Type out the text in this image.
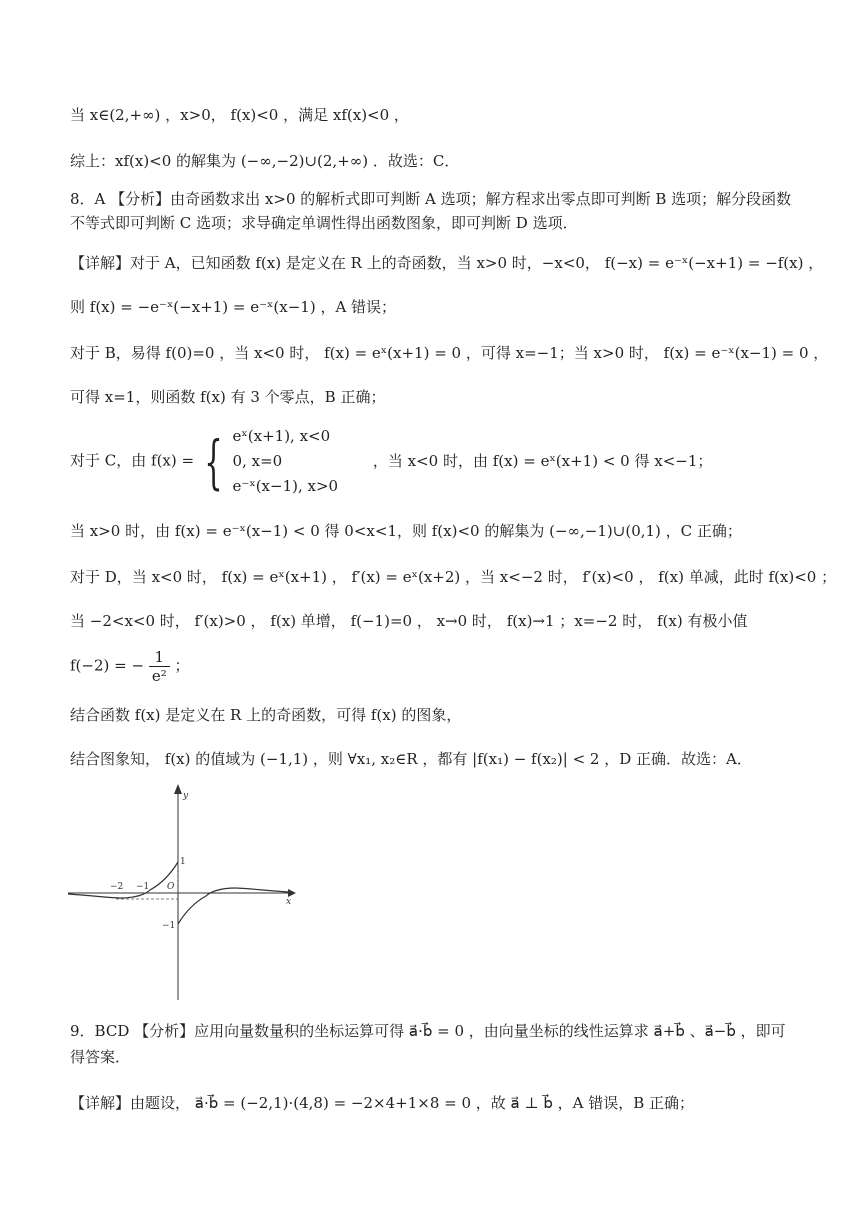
当 x∈(2,+∞) ，x>0， f(x)<0 ，满足 xf(x)<0 ，
综上：xf(x)<0 的解集为 (−∞,−2)∪(2,+∞) ．故选：C．
8．A 【分析】由奇函数求出 x>0 的解析式即可判断 A 选项；解方程求出零点即可判断 B 选项；解分段函数不等式即可判断 C 选项；求导确定单调性得出函数图象，即可判断 D 选项．
【详解】对于 A，已知函数 f(x) 是定义在 R 上的奇函数，当 x>0 时，−x<0， f(−x) = e⁻ˣ(−x+1) = −f(x) ，
则 f(x) = −e⁻ˣ(−x+1) = e⁻ˣ(x−1) ，A 错误；
对于 B，易得 f(0)=0 ，当 x<0 时， f(x) = eˣ(x+1) = 0 ，可得 x=−1；当 x>0 时， f(x) = e⁻ˣ(x−1) = 0 ，
可得 x=1，则函数 f(x) 有 3 个零点，B 正确；
对于 C，由 f(x) = { eˣ(x+1), x<0
0, x=0
e⁻ˣ(x−1), x>0
，当 x<0 时，由 f(x) = eˣ(x+1) < 0 得 x<−1；
当 x>0 时，由 f(x) = e⁻ˣ(x−1) < 0 得 0<x<1，则 f(x)<0 的解集为 (−∞,−1)∪(0,1) ，C 正确；
对于 D，当 x<0 时， f(x) = eˣ(x+1) ， f′(x) = eˣ(x+2) ，当 x<−2 时， f′(x)<0 ， f(x) 单减，此时 f(x)<0 ；
当 −2<x<0 时， f′(x)>0 ， f(x) 单增， f(−1)=0 ， x→0 时， f(x)→1 ；x=−2 时， f(x) 有极小值
f(−2) = − $\frac{1}{\text{e²}}$ ；
结合函数 f(x) 是定义在 R 上的奇函数，可得 f(x) 的图象，
结合图象知， f(x) 的值域为 (−1,1) ，则 ∀x₁, x₂∈R ，都有 |f(x₁) − f(x₂)| < 2 ，D 正确．故选：A．
y
x
O
1
−1
−2 −1
9．BCD 【分析】应用向量数量积的坐标运算可得 a⃗·b⃗ = 0 ，由向量坐标的线性运算求 a⃗+b⃗ 、a⃗−b⃗ ，即可得答案．
【详解】由题设， a⃗·b⃗ = (−2,1)·(4,8) = −2×4+1×8 = 0 ，故 a⃗ ⊥ b⃗ ，A 错误，B 正确；
